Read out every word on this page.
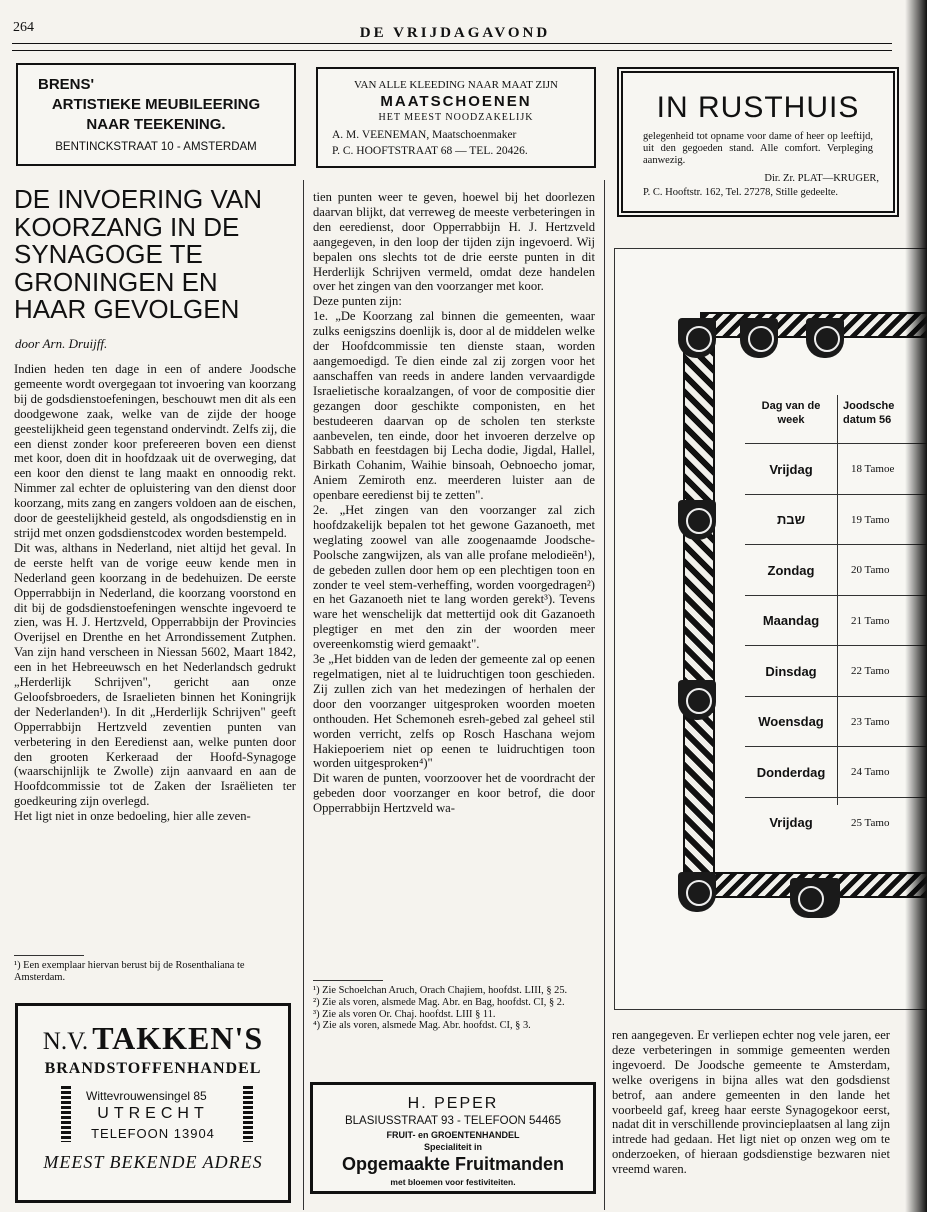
264	DE VRIJDAGAVOND
BRENS'
ARTISTIEKE MEUBILEERING
NAAR TEEKENING.
BENTINCKSTRAAT 10 - AMSTERDAM
VAN ALLE KLEEDING NAAR MAAT ZIJN
MAATSCHOENEN
HET MEEST NOODZAKELIJK
A. M. VEENEMAN, Maatschoenmaker
P. C. HOOFTSTRAAT 68 — TEL. 20426.
IN RUSTHUIS
gelegenheid tot opname voor dame of heer op leeftijd, uit den gegoeden stand. Alle comfort. Verpleging aanwezig.
Dir. Zr. PLAT—KRUGER,
P. C. Hooftstr. 162, Tel. 27278, Stille gedeelte.
DE INVOERING VAN KOORZANG IN DE SYNAGOGE TE GRONINGEN EN HAAR GEVOLGEN
door Arn. Druijff.

Indien heden ten dage in een of andere Joodsche gemeente wordt overgegaan tot invoering van koorzang bij de godsdienstoefeningen, beschouwt men dit als een doodgewone zaak, welke van de zijde der hooge geestelijkheid geen tegenstand ondervindt. Zelfs zij, die een dienst zonder koor prefereeren boven een dienst met koor, doen dit in hoofdzaak uit de overweging, dat een koor den dienst te lang maakt en onnoodig rekt. Nimmer zal echter de opluistering van den dienst door koorzang, mits zang en zangers voldoen aan de eischen, door de geestelijkheid gesteld, als ongodsdienstig en in strijd met onzen godsdienstcodex worden bestempeld.

Dit was, althans in Nederland, niet altijd het geval. In de eerste helft van de vorige eeuw kende men in Nederland geen koorzang in de bedehuizen. De eerste Opperrabbijn in Nederland, die koorzang voorstond en dit bij de godsdienstoefeningen wenschte ingevoerd te zien, was H. J. Hertzveld, Opperrabbijn der Provincies Overijsel en Drenthe en het Arrondissement Zutphen. Van zijn hand verscheen in Niessan 5602, Maart 1842, een in het Hebreeuwsch en het Nederlandsch gedrukt „Herderlijk Schrijven", gericht aan onze Geloofsbroeders, de Israelieten binnen het Koningrijk der Nederlanden¹). In dit „Herderlijk Schrijven" geeft Opperrabbijn Hertzveld zeventien punten van verbetering in den Eeredienst aan, welke punten door den grooten Kerkeraad der Hoofd-Synagoge (waarschijnlijk te Zwolle) zijn aanvaard en aan de Hoofdcommissie tot de Zaken der Israëlieten ter goedkeuring zijn overlegd.

Het ligt niet in onze bedoeling, hier alle zeven-

¹) Een exemplaar hiervan berust bij de Rosenthaliana te Amsterdam.

tien punten weer te geven, hoewel bij het doorlezen daarvan blijkt, dat verreweg de meeste verbeteringen in den eeredienst, door Opperrabbijn H. J. Hertzveld aangegeven, in den loop der tijden zijn ingevoerd. Wij bepalen ons slechts tot de drie eerste punten in dit Herderlijk Schrijven vermeld, omdat deze handelen over het zingen van den voorzanger met koor.

Deze punten zijn:

1e. „De Koorzang zal binnen die gemeenten, waar zulks eenigszins doenlijk is, door al de middelen welke der Hoofdcommissie ten dienste staan, worden aangemoedigd. Te dien einde zal zij zorgen voor het aanschaffen van reeds in andere landen vervaardigde Israelietische koraalzangen, of voor de compositie dier gezangen door geschikte componisten, en het bestudeeren daarvan op de scholen ten sterkste aanbevelen, ten einde, door het invoeren derzelve op Sabbath en feestdagen bij Lecha dodie, Jigdal, Hallel, Birkath Cohanim, Waihie binsoah, Oebnoecho jomar, Aniem Zemiroth enz. meerderen luister aan de openbare eeredienst bij te zetten".

2e. „Het zingen van den voorzanger zal zich hoofdzakelijk bepalen tot het gewone Gazanoeth, met weglating zoowel van alle zoogenaamde Joodsche-Poolsche zangwijzen, als van alle profane melodieën¹), de gebeden zullen door hem op een plechtigen toon en zonder te veel stem-verheffing, worden voorgedragen²) en het Gazanoeth niet te lang worden gerekt³). Tevens ware het wenschelijk dat mettertijd ook dit Gazanoeth plegtiger en met den zin der woorden meer overeenkomstig wierd gemaakt".

3e „Het bidden van de leden der gemeente zal op eenen regelmatigen, niet al te luidruchtigen toon geschieden. Zij zullen zich van het medezingen of herhalen der door den voorzanger uitgesproken woorden moeten onthouden. Het Schemoneh esreh-gebed zal geheel stil worden verricht, zelfs op Rosch Haschana wejom Hakiepoeriem niet op eenen te luidruchtigen toon worden uitgesproken⁴)"

Dit waren de punten, voorzoover het de voordracht der gebeden door voorzanger en koor betrof, die door Opperrabbijn Hertzveld wa-

¹) Zie Schoelchan Aruch, Orach Chajiem, hoofdst. LIII, § 25.
²) Zie als voren, alsmede Mag. Abr. en Bag, hoofdst. CI, § 2.
³) Zie als voren Or. Chaj. hoofdst. LIII § 11.
⁴) Zie als voren, alsmede Mag. Abr. hoofdst. CI, § 3.
Dag van de week
Joodsche datum 56
Vrijdag	18 Tamoe
שבת	19 Tamo
Zondag	20 Tamo
Maandag	21 Tamo
Dinsdag	22 Tamo
Woensdag	23 Tamo
Donderdag	24 Tamo
Vrijdag	25 Tamo

ren aangegeven. Er verliepen echter nog vele jaren, eer deze verbeteringen in sommige gemeenten werden ingevoerd. De Joodsche gemeente te Amsterdam, welke overigens in bijna alles wat den godsdienst betrof, aan andere gemeenten in den lande het voorbeeld gaf, kreeg haar eerste Synagogekoor eerst, nadat dit in verschillende provincieplaatsen al lang zijn intrede had gedaan. Het ligt niet op onzen weg om te onderzoeken, of hieraan godsdienstige bezwaren niet vreemd waren.

N.V. TAKKEN'S
BRANDSTOFFENHANDEL
Wittevrouwensingel 85
UTRECHT
TELEFOON 13904
MEEST BEKENDE ADRES
H. PEPER
BLASIUSSTRAAT 93 - TELEFOON 54465
FRUIT- en GROENTENHANDEL
Specialiteit in
Opgemaakte Fruitmanden
met bloemen voor festiviteiten.
